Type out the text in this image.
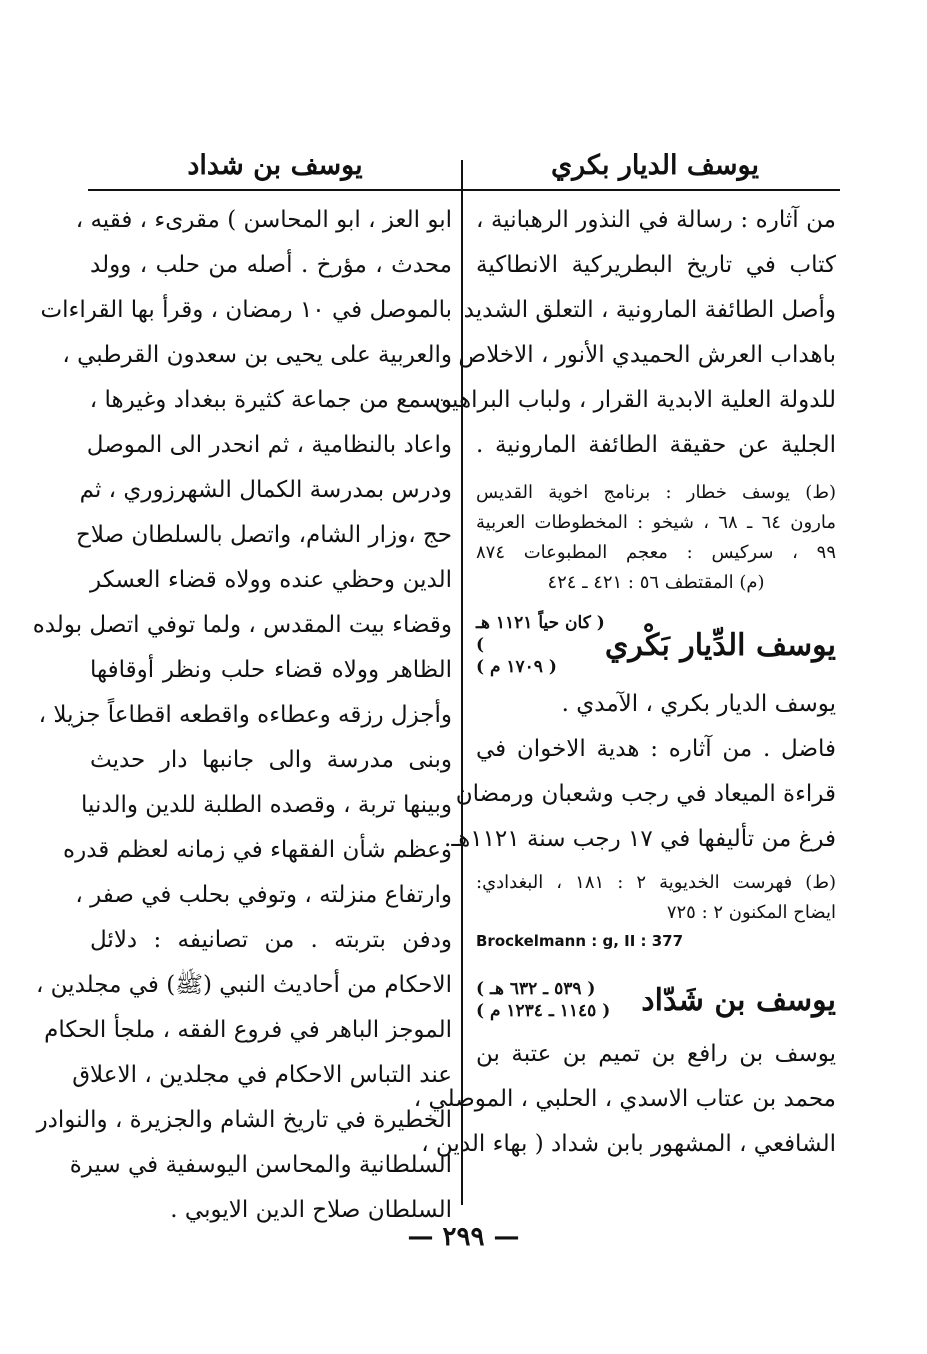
يوسف الديار بكري
يوسف بن شداد

من آثاره : رسالة في النذور الرهبانية ،

كتاب في تاريخ البطريركية الانطاكية

وأصل الطائفة المارونية ، التعلق الشديد

باهداب العرش الحميدي الأنور ، الاخلاص

للدولة العلية الابدية القرار ، ولباب البراهين

الجلية عن حقيقة الطائفة المارونية .

(ط) يوسف خطار : برنامج اخوية القديس

مارون ٦٤ ـ ٦٨ ، شيخو : المخطوطات العربية

٩٩ ، سركيس : معجم المطبوعات ٨٧٤

(م) المقتطف ٥٦ : ٤٢١ ـ ٤٢٤

يوسف الدِّيار بَكْري
( كان حياً ١١٢١ هـ )
( ١٧٠٩ م )

يوسف الديار بكري ، الآمدي .

فاضل . من آثاره : هدية الاخوان في

قراءة الميعاد في رجب وشعبان ورمضان

فرغ من تأليفها في ١٧ رجب سنة ١١٢١هـ.

(ط) فهرست الخديوية ٢ : ١٨١ ، البغدادي:

ايضاح المكنون ٢ : ٧٢٥

Brockelmann : g, II : 377

يوسف بن شَدّاد
( ٥٣٩ ـ ٦٣٢ هـ )
( ١١٤٥ ـ ١٢٣٤ م )

يوسف بن رافع بن تميم بن عتبة بن

محمد بن عتاب الاسدي ، الحلبي ، الموصلي ،

الشافعي ، المشهور بابن شداد ( بهاء الدين ،

ابو العز ، ابو المحاسن ) مقرىء ، فقيه ،

محدث ، مؤرخ . أصله من حلب ، وولد

بالموصل في ١٠ رمضان ، وقرأ بها القراءات

والعربية على يحيى بن سعدون القرطبي ،

وسمع من جماعة كثيرة ببغداد وغيرها ،

واعاد بالنظامية ، ثم انحدر الى الموصل

ودرس بمدرسة الكمال الشهرزوري ، ثم

حج ،وزار الشام، واتصل بالسلطان صلاح

الدين وحظي عنده وولاه قضاء العسكر

وقضاء بيت المقدس ، ولما توفي اتصل بولده

الظاهر وولاه قضاء حلب ونظر أوقافها

وأجزل رزقه وعطاءه واقطعه اقطاعاً جزيلا ،

وبنى مدرسة والى جانبها دار حديث

وبينها تربة ، وقصده الطلبة للدين والدنيا

وعظم شأن الفقهاء في زمانه لعظم قدره

وارتفاع منزلته ، وتوفي بحلب في صفر ،

ودفن بتربته . من تصانيفه : دلائل

الاحكام من أحاديث النبي (ﷺ) في مجلدين ،

الموجز الباهر في فروع الفقه ، ملجأ الحكام

عند التباس الاحكام في مجلدين ، الاعلاق

الخطيرة في تاريخ الشام والجزيرة ، والنوادر

السلطانية والمحاسن اليوسفية في سيرة

السلطان صلاح الدين الايوبي .

— ٢٩٩ —
